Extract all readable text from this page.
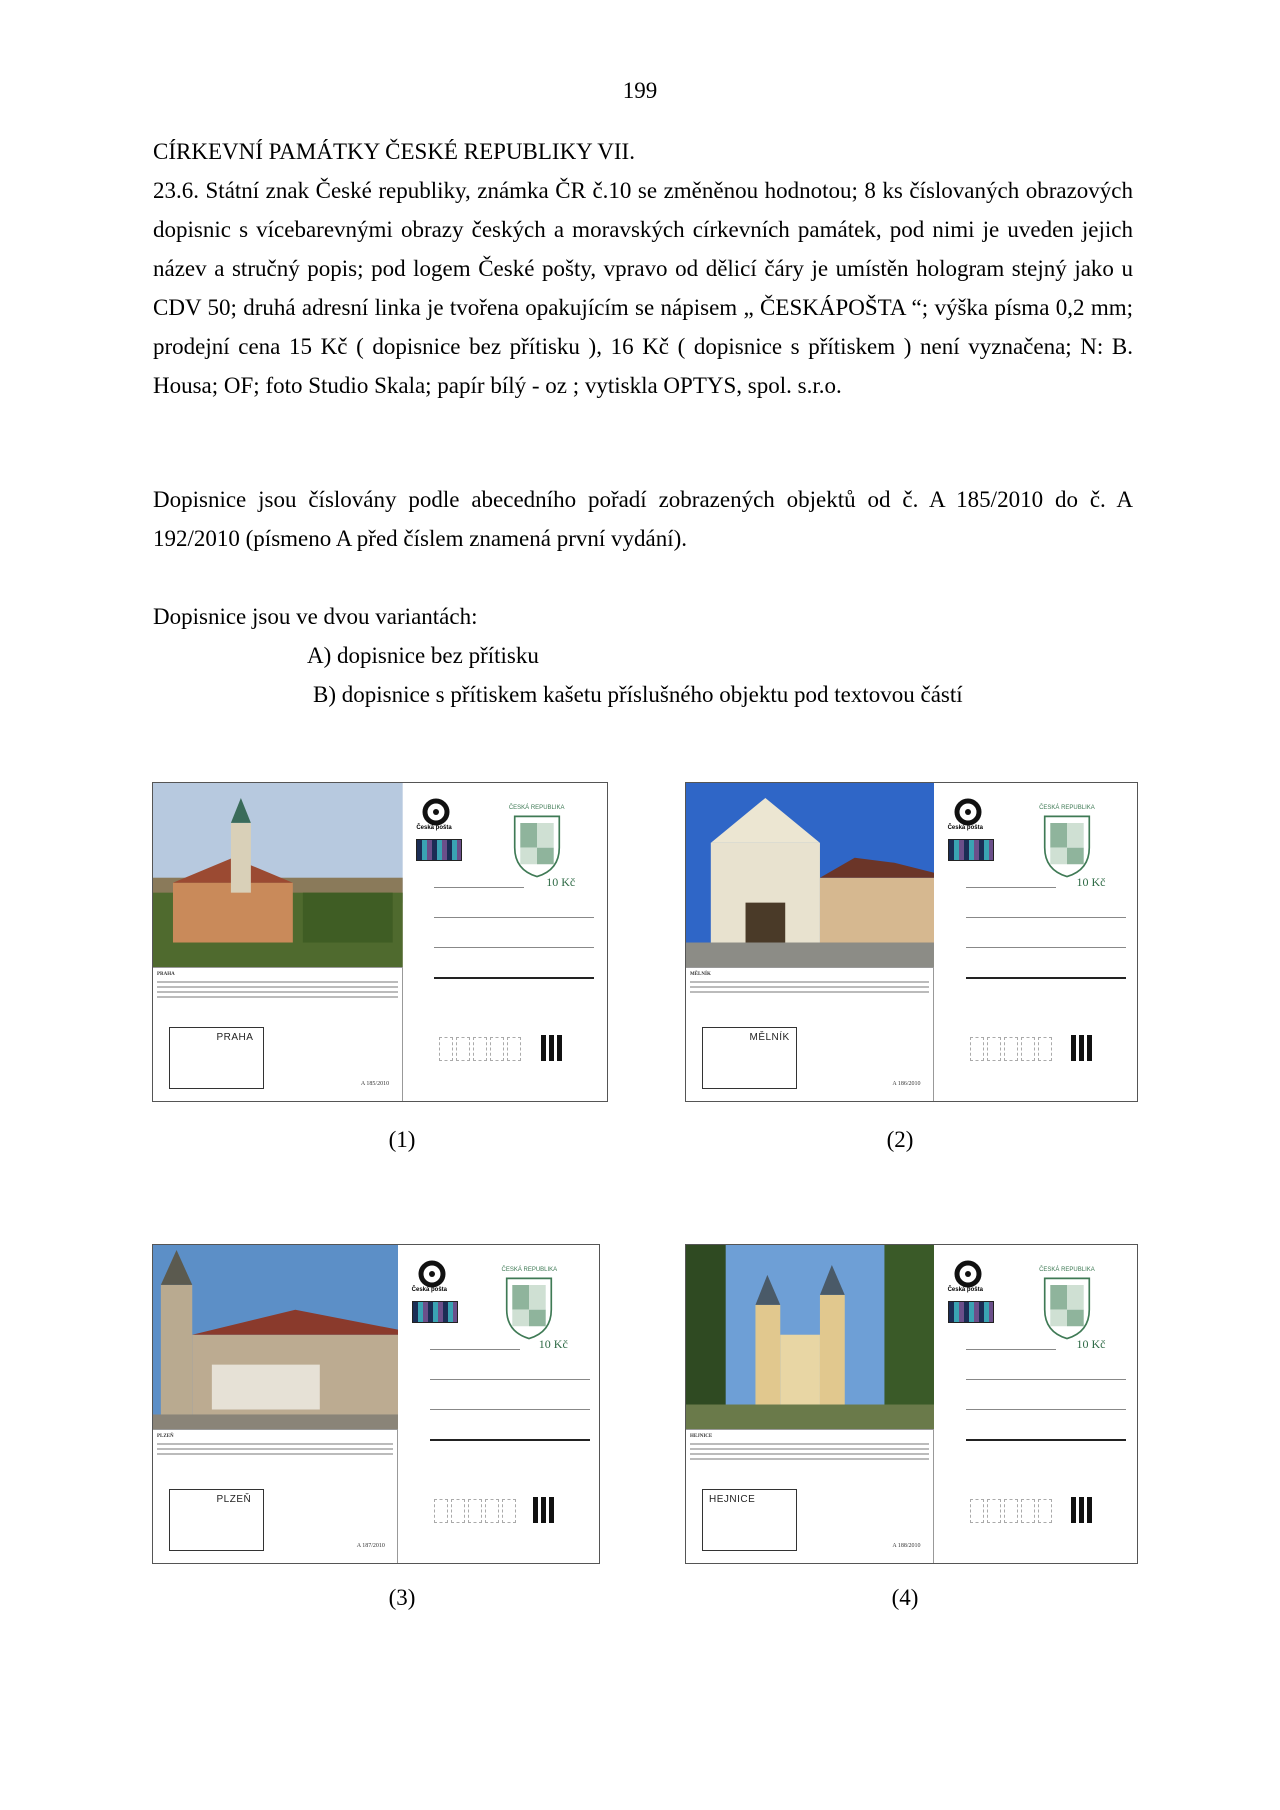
199
CÍRKEVNÍ PAMÁTKY ČESKÉ REPUBLIKY VII.
23.6. Státní znak České republiky, známka ČR č.10 se změněnou hodnotou; 8 ks číslovaných obrazových dopisnic s vícebarevnými obrazy českých a moravských církevních památek, pod nimi je uveden jejich název a stručný popis; pod logem České pošty, vpravo od dělicí čáry je umístěn hologram stejný jako u CDV 50; druhá adresní linka je tvořena opakujícím se nápisem „ ČESKÁPOŠTA “; výška písma 0,2 mm; prodejní cena 15 Kč ( dopisnice bez přítisku ), 16 Kč ( dopisnice s přítiskem ) není vyznačena; N: B. Housa; OF; foto Studio Skala; papír bílý - oz ; vytiskla OPTYS, spol. s.r.o.
Dopisnice jsou číslovány podle abecedního pořadí zobrazených objektů od č. A 185/2010 do č. A 192/2010 (písmeno A před číslem znamená první vydání).
Dopisnice jsou ve dvou variantách:
A) dopisnice bez přítisku
B) dopisnice s přítiskem kašetu příslušného objektu pod textovou částí
PRAHA
PRAHA
A 185/2010
Česká pošta
ČESKÁ REPUBLIKA
10 Kč
(1)
MĚLNÍK
MĚLNÍK
A 186/2010
Česká pošta
ČESKÁ REPUBLIKA
10 Kč
(2)
PLZEŇ
PLZEŇ
A 187/2010
Česká pošta
ČESKÁ REPUBLIKA
10 Kč
(3)
HEJNICE
HEJNICE
A 188/2010
Česká pošta
ČESKÁ REPUBLIKA
10 Kč
(4)
